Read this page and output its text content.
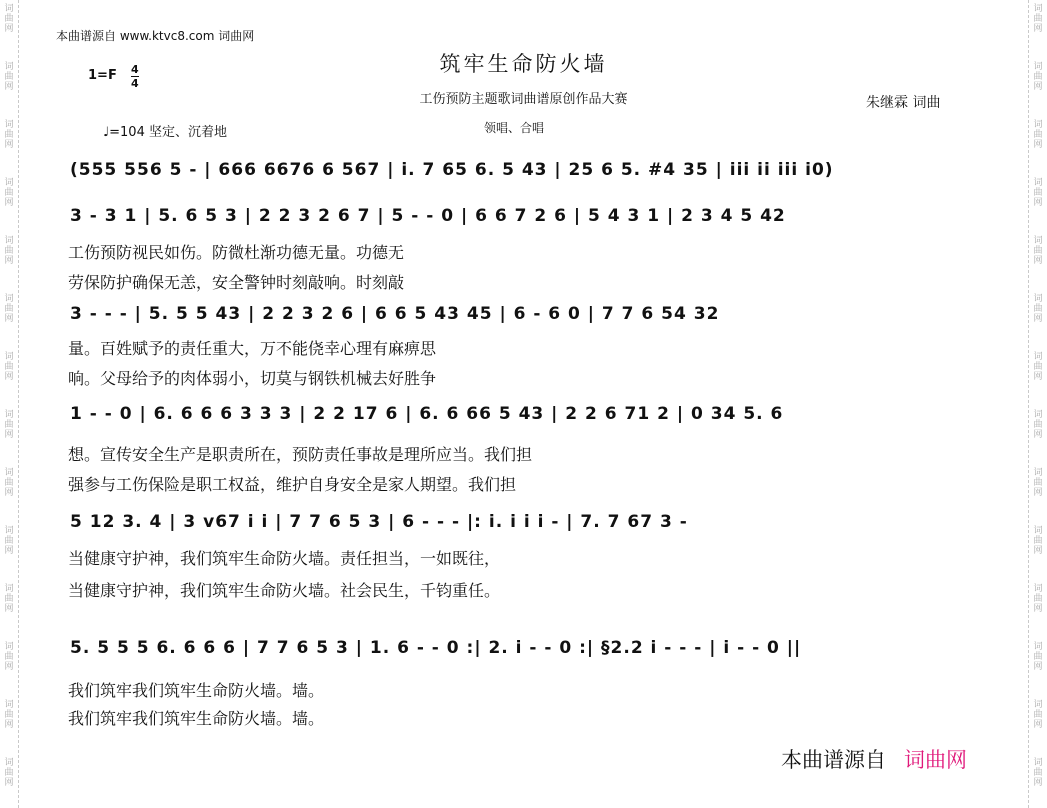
词
曲
网
词
曲
网
词
曲
网
词
曲
网
词
曲
网
词
曲
网
词
曲
网
词
曲
网
词
曲
网
词
曲
网
词
曲
网
词
曲
网
词
曲
网
词
曲
网
词
曲
网
词
曲
网
词
曲
网
词
曲
网
词
曲
网
词
曲
网
词
曲
网
词
曲
网
词
曲
网
词
曲
网
词
曲
网
词
曲
网
词
曲
网
词
曲
网
本曲谱源自 www.ktvc8.com 词曲网
筑牢生命防火墙
1=F 4
4
工伤预防主题歌词曲谱原创作品大赛	朱继霖 词曲
♩=104 坚定、沉着地	领唱、合唱
(555 556 5 - | 666 6676 6 567 | i. 7 65 6. 5 43 | 25 6 5. #4 35 | iii ii iii i0)
3 - 3 1 | 5. 6 5 3 | 2 2 3 2 6 7 | 5 - - 0 | 6 6 7 2 6 | 5 4 3 1 | 2 3 4 5 42
工伤预防视民如伤。防微杜渐功德无量。功德无
劳保防护确保无恙，安全警钟时刻敲响。时刻敲
3 - - - | 5. 5 5 43 | 2 2 3 2 6 | 6 6 5 43 45 | 6 - 6 0 | 7 7 6 54 32
量。百姓赋予的责任重大，万不能侥幸心理有麻痹思
响。父母给予的肉体弱小，切莫与钢铁机械去好胜争
1 - - 0 | 6. 6 6 6 3 3 3 | 2 2 17 6 | 6. 6 66 5 43 | 2 2 6 71 2 | 0 34 5. 6
想。宣传安全生产是职责所在，预防责任事故是理所应当。我们担
强参与工伤保险是职工权益，维护自身安全是家人期望。我们担
5 12 3. 4 | 3 v67 i i | 7 7 6 5 3 | 6 - - - |: i. i i i - | 7. 7 67 3 -
当健康守护神，我们筑牢生命防火墙。责任担当，一如既往，
当健康守护神，我们筑牢生命防火墙。社会民生，千钧重任。
5. 5 5 5 6. 6 6 6 | 7 7 6 5 3 | 1. 6 - - 0 :| 2. i - - 0 :| §2.2 i - - - | i - - 0 ||
我们筑牢我们筑牢生命防火墙。墙。
我们筑牢我们筑牢生命防火墙。墙。
本曲谱源自 词曲网
